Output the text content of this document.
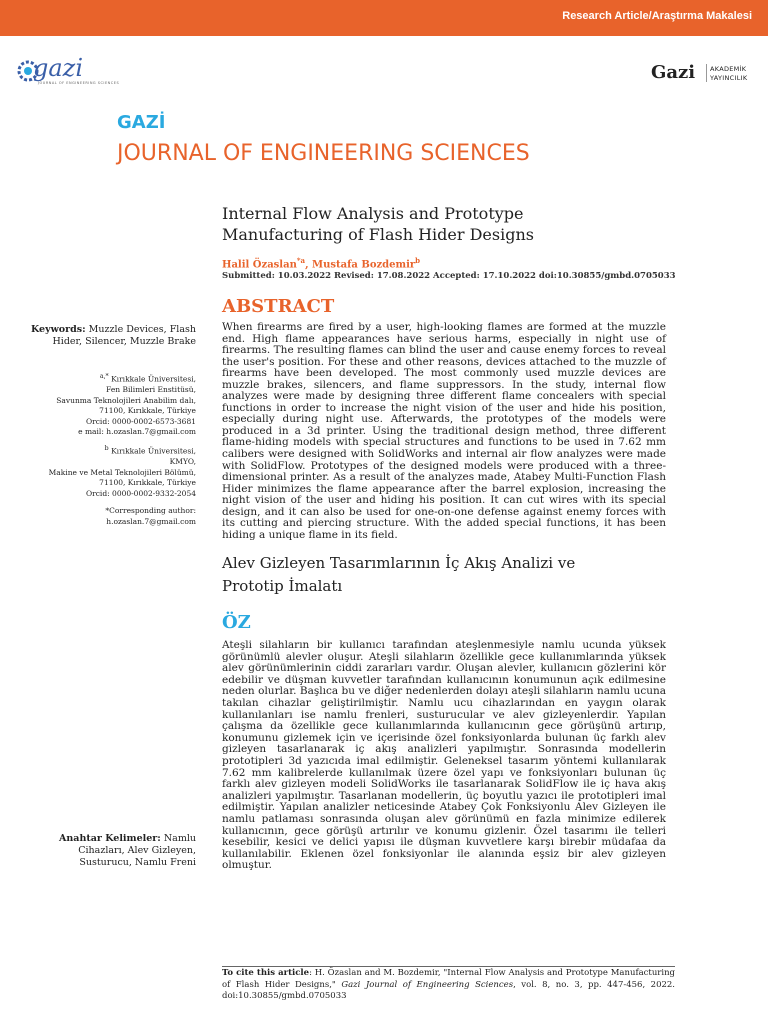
Research Article/Araştırma Makalesi
gazi
JOURNAL OF ENGINEERING SCIENCES	Gazi AKADEMİK
YAYINCILIK
GAZİ
JOURNAL OF ENGINEERING SCIENCES
Internal Flow Analysis and Prototype
Manufacturing of Flash Hider Designs
Halil Özaslan$^{*a}$, Mustafa Bozdemir$^b$
Submitted: 10.03.2022 Revised: 17.08.2022 Accepted: 17.10.2022 doi:10.30855/gmbd.0705033
ABSTRACT
When firearms are fired by a user, high-looking flames are formed at the muzzle end. High flame appearances have serious harms, especially in night use of firearms. The resulting flames can blind the user and cause enemy forces to reveal the user's position. For these and other reasons, devices attached to the muzzle of firearms have been developed. The most commonly used muzzle devices are muzzle brakes, silencers, and flame suppressors. In the study, internal flow analyzes were made by designing three different flame concealers with special functions in order to increase the night vision of the user and hide his position, especially during night use. Afterwards, the prototypes of the models were produced in a 3d printer. Using the traditional design method, three different flame-hiding models with special structures and functions to be used in 7.62 mm calibers were designed with SolidWorks and internal air flow analyzes were made with SolidFlow. Prototypes of the designed models were produced with a three-dimensional printer. As a result of the analyzes made, Atabey Multi-Function Flash Hider minimizes the flame appearance after the barrel explosion, increasing the night vision of the user and hiding his position. It can cut wires with its special design, and it can also be used for one-on-one defense against enemy forces with its cutting and piercing structure. With the added special functions, it has been hiding a unique flame in its field.
Keywords: Muzzle Devices, Flash Hider, Silencer, Muzzle Brake
$^{a,*}$ Kırıkkale Üniversitesi,
Fen Bilimleri Enstitüsü,
Savunma Teknolojileri Anabilim dalı,
71100, Kırıkkale, Türkiye
Orcid: 0000-0002-6573-3681
e mail: h.ozaslan.7@gmail.com
$^b$ Kırıkkale Üniversitesi,
KMYO,
Makine ve Metal Teknolojileri Bölümü,
71100, Kırıkkale, Türkiye
Orcid: 0000-0002-9332-2054
*Corresponding author:
h.ozaslan.7@gmail.com
Alev Gizleyen Tasarımlarının İç Akış Analizi ve
Prototip İmalatı
ÖZ
Ateşli silahların bir kullanıcı tarafından ateşlenmesiyle namlu ucunda yüksek görünümlü alevler oluşur. Ateşli silahların özellikle gece kullanımlarında yüksek alev görünümlerinin ciddi zararları vardır. Oluşan alevler, kullanıcın gözlerini kör edebilir ve düşman kuvvetler tarafından kullanıcının konumunun açık edilmesine neden olurlar. Başlıca bu ve diğer nedenlerden dolayı ateşli silahların namlu ucuna takılan cihazlar geliştirilmiştir. Namlu ucu cihazlarından en yaygın olarak kullanılanları ise namlu frenleri, susturucular ve alev gizleyenlerdir. Yapılan çalışma da özellikle gece kullanımlarında kullanıcının gece görüşünü artırıp, konumunu gizlemek için ve içerisinde özel fonksiyonlarda bulunan üç farklı alev gizleyen tasarlanarak iç akış analizleri yapılmıştır. Sonrasında modellerin prototipleri 3d yazıcıda imal edilmiştir. Geleneksel tasarım yöntemi kullanılarak 7.62 mm kalibrelerde kullanılmak üzere özel yapı ve fonksiyonları bulunan üç farklı alev gizleyen modeli SolidWorks ile tasarlanarak SolidFlow ile iç hava akış analizleri yapılmıştır. Tasarlanan modellerin, üç boyutlu yazıcı ile prototipleri imal edilmiştir. Yapılan analizler neticesinde Atabey Çok Fonksiyonlu Alev Gizleyen ile namlu patlaması sonrasında oluşan alev görünümü en fazla minimize edilerek kullanıcının, gece görüşü artırılır ve konumu gizlenir. Özel tasarımı ile telleri kesebilir, kesici ve delici yapısı ile düşman kuvvetlere karşı birebir müdafaa da kullanılabilir. Eklenen özel fonksiyonlar ile alanında eşsiz bir alev gizleyen olmuştur.
Anahtar Kelimeler: Namlu Cihazları, Alev Gizleyen, Susturucu, Namlu Freni
To cite this article: H. Özaslan and M. Bozdemir, "Internal Flow Analysis and Prototype Manufacturing of Flash Hider Designs," Gazi Journal of Engineering Sciences, vol. 8, no. 3, pp. 447-456, 2022. doi:10.30855/gmbd.0705033
